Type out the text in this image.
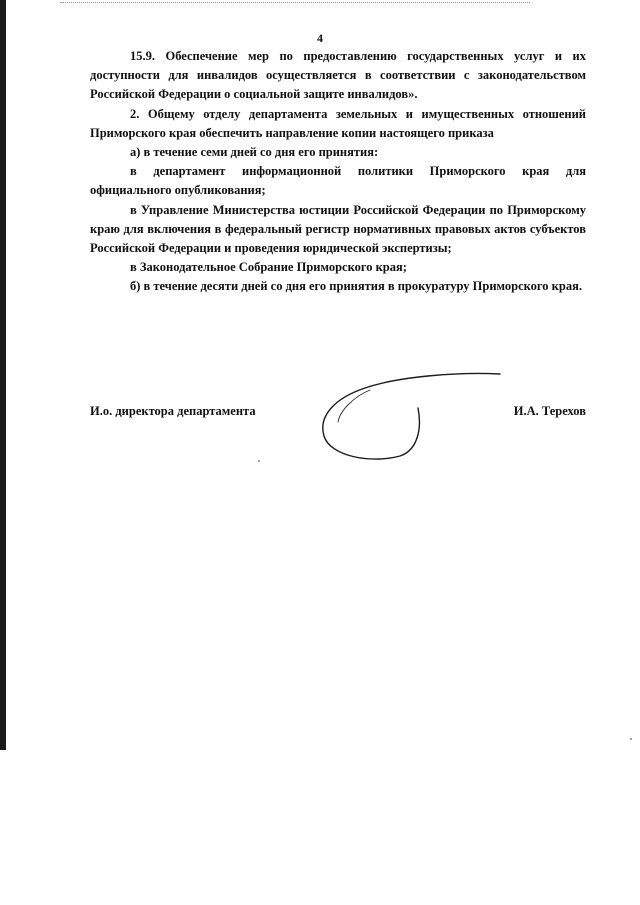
4

15.9. Обеспечение мер по предоставлению государственных услуг и их доступности для инвалидов осуществляется в соответствии с законодательством Российской Федерации о социальной защите инвалидов».

2. Общему отделу департамента земельных и имущественных отношений Приморского края обеспечить направление копии настоящего приказа

а) в течение семи дней со дня его принятия:

в департамент информационной политики Приморского края для официального опубликования;

в Управление Министерства юстиции Российской Федерации по Приморскому краю для включения в федеральный регистр нормативных правовых актов субъектов Российской Федерации и проведения юридической экспертизы;

в Законодательное Собрание Приморского края;

б) в течение десяти дней со дня его принятия в прокуратуру Приморского края.

И.о. директора департамента	И.А. Терехов
